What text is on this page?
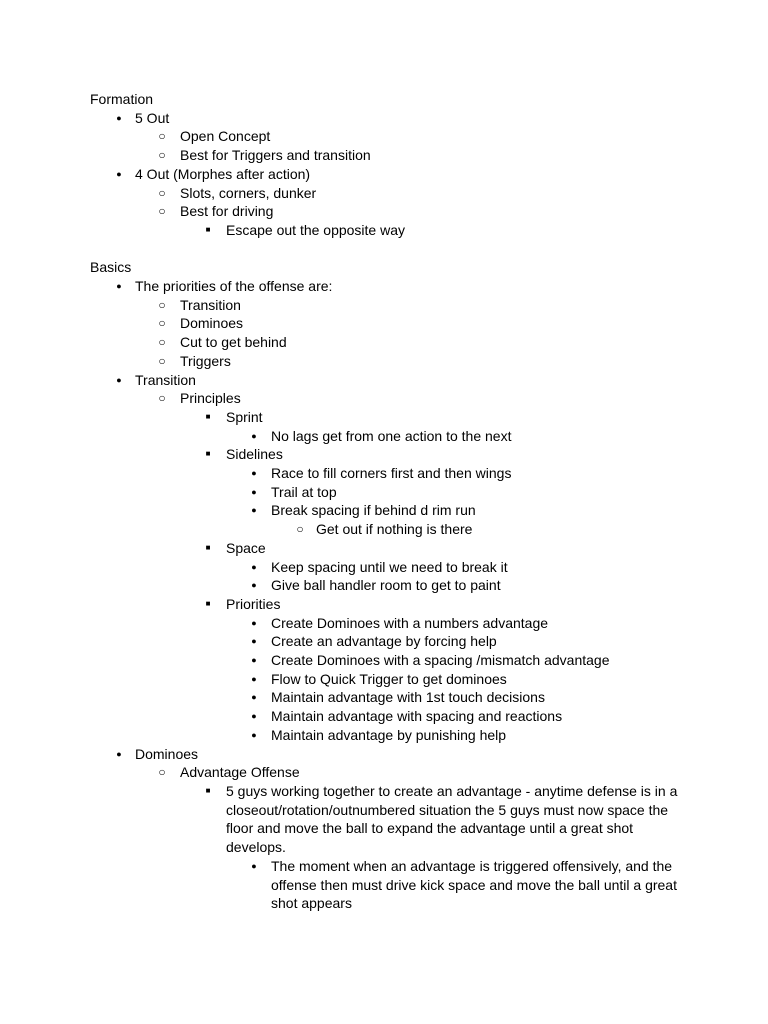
Formation
● 5 Out
○ Open Concept
○ Best for Triggers and transition
● 4 Out (Morphes after action)
○ Slots, corners, dunker
○ Best for driving
■	Escape out the opposite way
Basics
● The priorities of the offense are:
○ Transition
○ Dominoes
○ Cut to get behind
○ Triggers
● Transition
○ Principles
■	Sprint
●	No lags get from one action to the next
■	Sidelines
●	Race to fill corners first and then wings
●	Trail at top
●	Break spacing if behind d rim run
○ Get out if nothing is there
■	Space
●	Keep spacing until we need to break it
●	Give ball handler room to get to paint
■	Priorities
●	Create Dominoes with a numbers advantage
●	Create an advantage by forcing help
●	Create Dominoes with a spacing /mismatch advantage
●	Flow to Quick Trigger to get dominoes
●	Maintain advantage with 1st touch decisions
●	Maintain advantage with spacing and reactions
●	Maintain advantage by punishing help
● Dominoes
○ Advantage Offense
■	5 guys working together to create an advantage - anytime defense is in a closeout/rotation/outnumbered situation the 5 guys must now space the floor and move the ball to expand the advantage until a great shot develops.
●	The moment when an advantage is triggered offensively, and the offense then must drive kick space and move the ball until a great shot appears
